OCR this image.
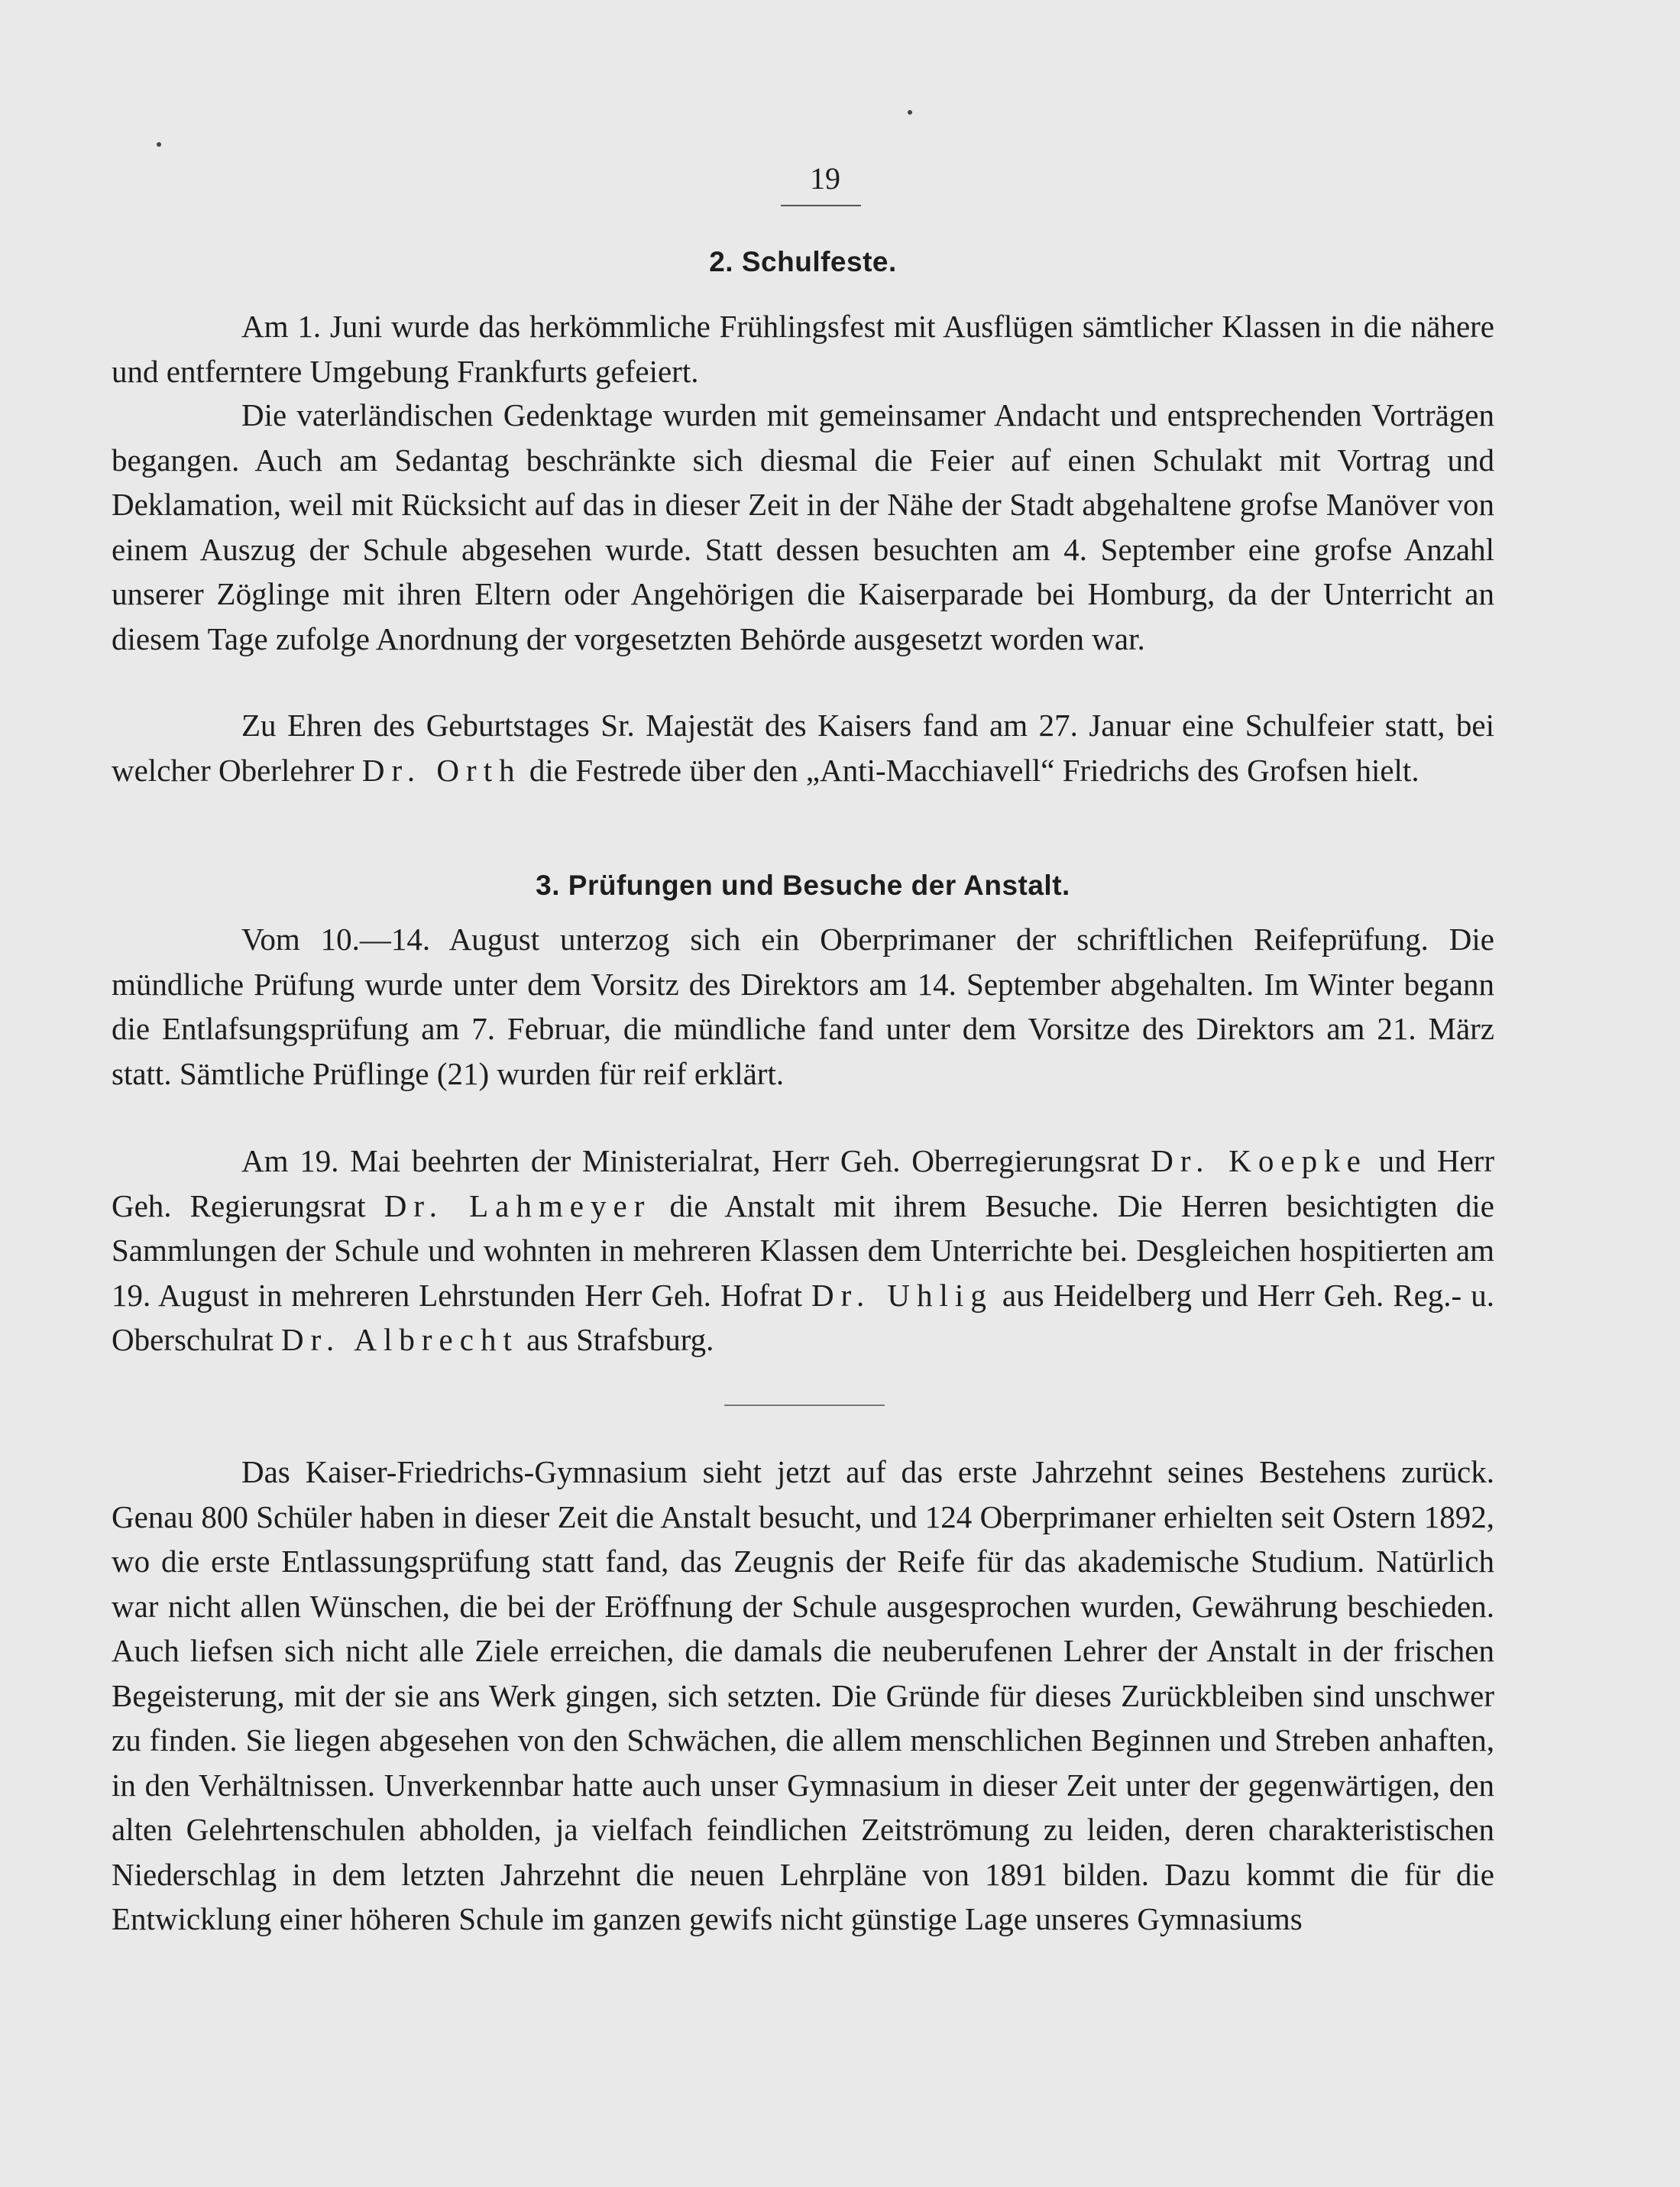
19
2. Schulfeste.

Am 1. Juni wurde das herkömmliche Frühlingsfest mit Ausflügen sämtlicher Klassen in die nähere und entferntere Umgebung Frankfurts gefeiert.

Die vaterländischen Gedenktage wurden mit gemeinsamer Andacht und entsprechenden Vorträgen begangen. Auch am Sedantag beschränkte sich diesmal die Feier auf einen Schulakt mit Vortrag und Deklamation, weil mit Rücksicht auf das in dieser Zeit in der Nähe der Stadt abgehaltene grofse Manöver von einem Auszug der Schule abgesehen wurde. Statt dessen besuchten am 4. September eine grofse Anzahl unserer Zöglinge mit ihren Eltern oder Angehörigen die Kaiserparade bei Homburg, da der Unterricht an diesem Tage zufolge Anordnung der vorgesetzten Behörde ausgesetzt worden war.

Zu Ehren des Geburtstages Sr. Majestät des Kaisers fand am 27. Januar eine Schulfeier statt, bei welcher Oberlehrer Dr. Orth die Festrede über den „Anti-Macchiavell“ Friedrichs des Grofsen hielt.

3. Prüfungen und Besuche der Anstalt.

Vom 10.—14. August unterzog sich ein Oberprimaner der schriftlichen Reifeprüfung. Die mündliche Prüfung wurde unter dem Vorsitz des Direktors am 14. September abgehalten. Im Winter begann die Entlafsungsprüfung am 7. Februar, die mündliche fand unter dem Vorsitze des Direktors am 21. März statt. Sämtliche Prüflinge (21) wurden für reif erklärt.

Am 19. Mai beehrten der Ministerialrat, Herr Geh. Oberregierungsrat Dr. Koepke und Herr Geh. Regierungsrat Dr. Lahmeyer die Anstalt mit ihrem Besuche. Die Herren besichtigten die Sammlungen der Schule und wohnten in mehreren Klassen dem Unterrichte bei. Desgleichen hospitierten am 19. August in mehreren Lehrstunden Herr Geh. Hofrat Dr. Uhlig aus Heidelberg und Herr Geh. Reg.- u. Oberschulrat Dr. Albrecht aus Strafsburg.

Das Kaiser-Friedrichs-Gymnasium sieht jetzt auf das erste Jahrzehnt seines Bestehens zurück. Genau 800 Schüler haben in dieser Zeit die Anstalt besucht, und 124 Oberprimaner erhielten seit Ostern 1892, wo die erste Entlassungsprüfung statt fand, das Zeugnis der Reife für das akademische Studium. Natürlich war nicht allen Wünschen, die bei der Eröffnung der Schule ausgesprochen wurden, Gewährung beschieden. Auch liefsen sich nicht alle Ziele erreichen, die damals die neuberufenen Lehrer der Anstalt in der frischen Begeisterung, mit der sie ans Werk gingen, sich setzten. Die Gründe für dieses Zurückbleiben sind unschwer zu finden. Sie liegen abgesehen von den Schwächen, die allem menschlichen Beginnen und Streben anhaften, in den Verhältnissen. Unverkennbar hatte auch unser Gymnasium in dieser Zeit unter der gegenwärtigen, den alten Gelehrtenschulen abholden, ja vielfach feindlichen Zeitströmung zu leiden, deren charakteristischen Niederschlag in dem letzten Jahrzehnt die neuen Lehrpläne von 1891 bilden. Dazu kommt die für die Entwicklung einer höheren Schule im ganzen gewifs nicht günstige Lage unseres Gymnasiums
